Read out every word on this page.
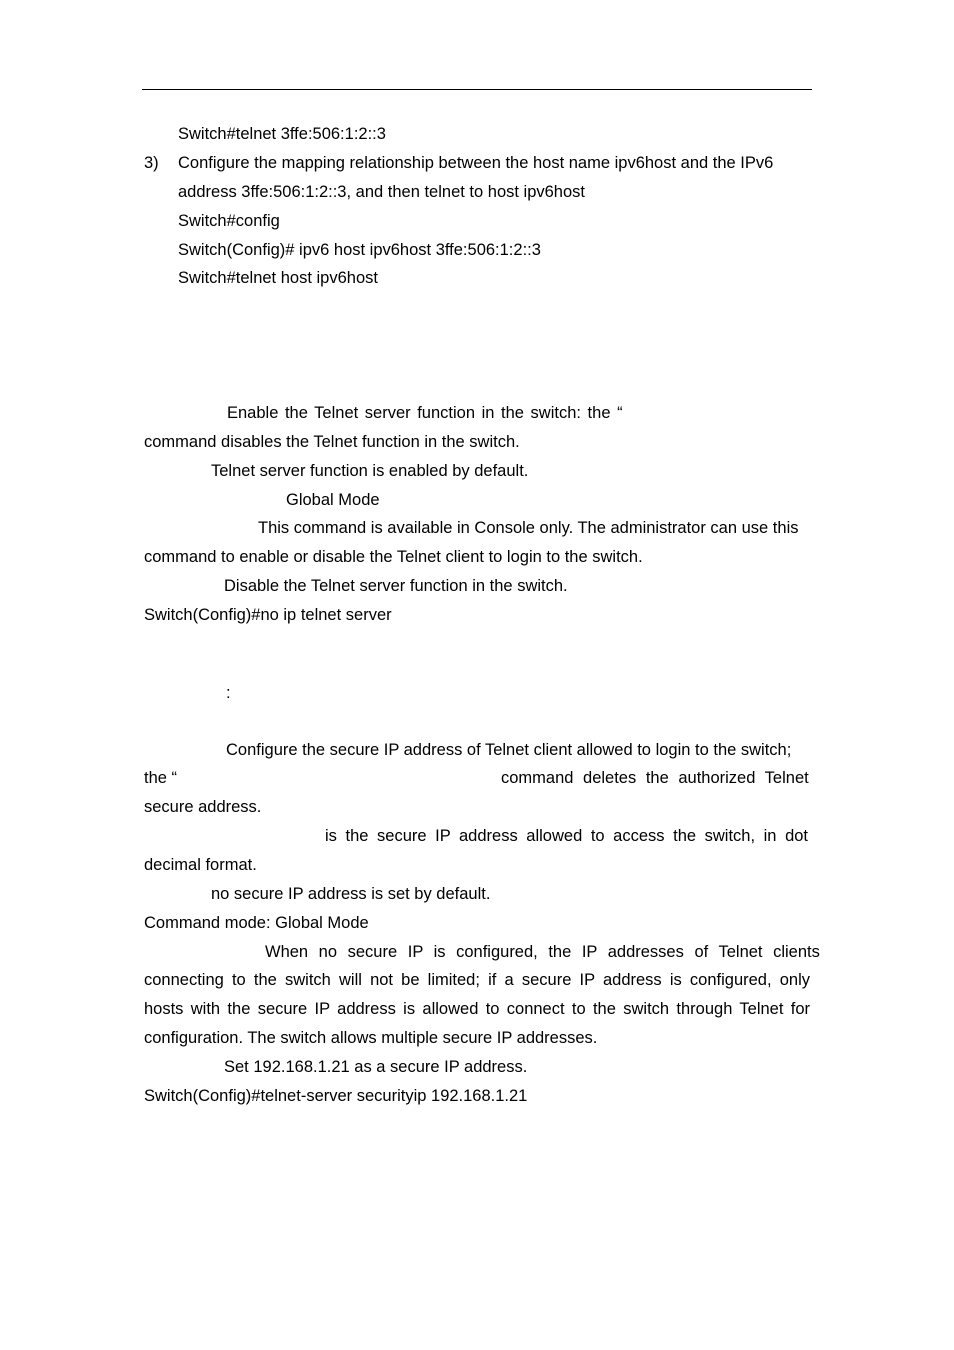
Switch#telnet 3ffe:506:1:2::3
3) Configure the mapping relationship between the host name ipv6host and the IPv6
address 3ffe:506:1:2::3, and then telnet to host ipv6host
Switch#config
Switch(Config)# ipv6 host ipv6host 3ffe:506:1:2::3
Switch#telnet host ipv6host
Enable the Telnet server function in the switch: the “
command disables the Telnet function in the switch.
Telnet server function is enabled by default.
Global Mode
This command is available in Console only. The administrator can use this
command to enable or disable the Telnet client to login to the switch.
Disable the Telnet server function in the switch.
Switch(Config)#no ip telnet server
:
Configure the secure IP address of Telnet client allowed to login to the switch;
the “	command deletes the authorized Telnet
secure address.
is the secure IP address allowed to access the switch, in dot
decimal format.
no secure IP address is set by default.
Command mode: Global Mode
When no secure IP is configured, the IP addresses of Telnet clients
connecting to the switch will not be limited; if a secure IP address is configured, only
hosts with the secure IP address is allowed to connect to the switch through Telnet for
configuration. The switch allows multiple secure IP addresses.
Set 192.168.1.21 as a secure IP address.
Switch(Config)#telnet-server securityip 192.168.1.21
